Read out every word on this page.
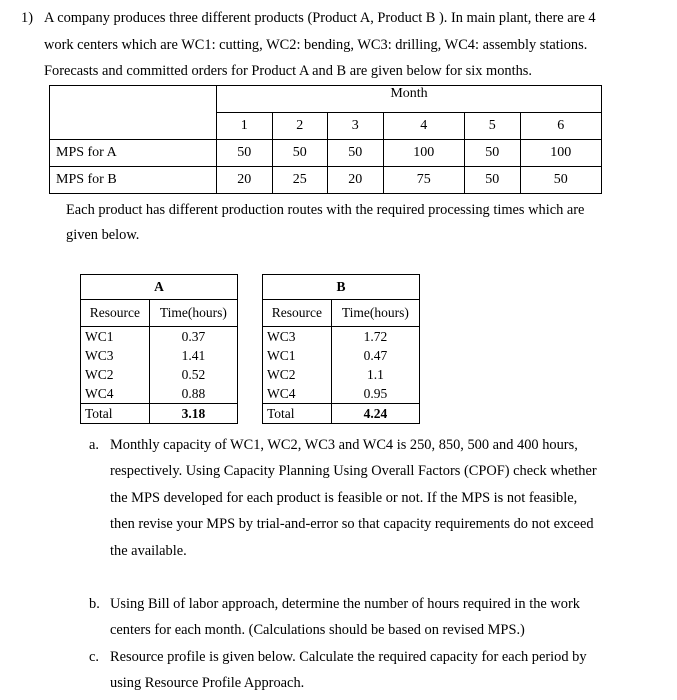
1) A company produces three different products (Product A, Product B ). In main plant, there are 4
work centers which are WC1: cutting, WC2: bending, WC3: drilling, WC4: assembly stations.
Forecasts and committed orders for Product A and B are given below for six months.
	Month					
	1	2	3	4	5	6
MPS for A	50	50	50	100	50	100
MPS for B	20	25	20	75	50	50
Each product has different production routes with the required processing times which are
given below.
A	
Resource	Time(hours)
WC1	0.37
WC3	1.41
WC2	0.52
WC4	0.88
Total	3.18
B	
Resource	Time(hours)
WC3	1.72
WC1	0.47
WC2	1.1
WC4	0.95
Total	4.24
a. Monthly capacity of WC1, WC2, WC3 and WC4 is 250, 850, 500 and 400 hours,
respectively. Using Capacity Planning Using Overall Factors (CPOF) check whether
the MPS developed for each product is feasible or not. If the MPS is not feasible,
then revise your MPS by trial-and-error so that capacity requirements do not exceed
the available.
b. Using Bill of labor approach, determine the number of hours required in the work
centers for each month. (Calculations should be based on revised MPS.)
c. Resource profile is given below. Calculate the required capacity for each period by
using Resource Profile Approach.
